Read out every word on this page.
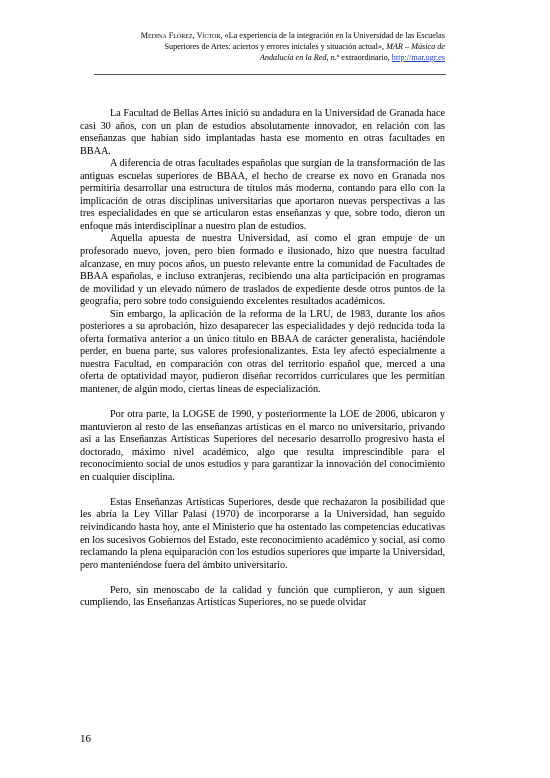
Medina Flórez, Víctor, «La experiencia de la integración en la Universidad de las Escuelas Superiores de Artes: aciertos y errores iniciales y situación actual», MAR – Música de Andalucía en la Red, n.º extraordinario, http://mar.ugr.es

La Facultad de Bellas Artes inició su andadura en la Universidad de Granada hace casi 30 años, con un plan de estudios absolutamente innovador, en relación con las enseñanzas que habían sido implantadas hasta ese momento en otras facultades en BBAA.

A diferencia de otras facultades españolas que surgían de la transformación de las antiguas escuelas superiores de BBAA, el hecho de crearse ex novo en Granada nos permitiría desarrollar una estructura de títulos más moderna, contando para ello con la implicación de otras disciplinas universitarias que aportaron nuevas perspectivas a las tres especialidades en que se articularon estas enseñanzas y que, sobre todo, dieron un enfoque más interdisciplinar a nuestro plan de estudios.

Aquella apuesta de nuestra Universidad, así como el gran empuje de un profesorado nuevo, joven, pero bien formado e ilusionado, hizo que nuestra facultad alcanzase, en muy pocos años, un puesto relevante entre la comunidad de Facultades de BBAA españolas, e incluso extranjeras, recibiendo una alta participación en programas de movilidad y un elevado número de traslados de expediente desde otros puntos de la geografía, pero sobre todo consiguiendo excelentes resultados académicos.

Sin embargo, la aplicación de la reforma de la LRU, de 1983, durante los años posteriores a su aprobación, hizo desaparecer las especialidades y dejó reducida toda la oferta formativa anterior a un único título en BBAA de carácter generalista, haciéndole perder, en buena parte, sus valores profesionalizantes. Esta ley afectó especialmente a nuestra Facultad, en comparación con otras del territorio español que, merced a una oferta de optatividad mayor, pudieron diseñar recorridos curriculares que les permitían mantener, de algún modo, ciertas líneas de especialización.

Por otra parte, la LOGSE de 1990, y posteriormente la LOE de 2006, ubicaron y mantuvieron al resto de las enseñanzas artísticas en el marco no universitario, privando así a las Enseñanzas Artísticas Superiores del necesario desarrollo progresivo hasta el doctorado, máximo nivel académico, algo que resulta imprescindible para el reconocimiento social de unos estudios y para garantizar la innovación del conocimiento en cualquier disciplina.

Estas Enseñanzas Artísticas Superiores, desde que rechazaron la posibilidad que les abría la Ley Villar Palasí (1970) de incorporarse a la Universidad, han seguido reivindicando hasta hoy, ante el Ministerio que ha ostentado las competencias educativas en los sucesivos Gobiernos del Estado, este reconocimiento académico y social, así como reclamando la plena equiparación con los estudios superiores que imparte la Universidad, pero manteniéndose fuera del ámbito universitario.

Pero, sin menoscabo de la calidad y función que cumplieron, y aun siguen cumpliendo, las Enseñanzas Artísticas Superiores, no se puede olvidar

16
